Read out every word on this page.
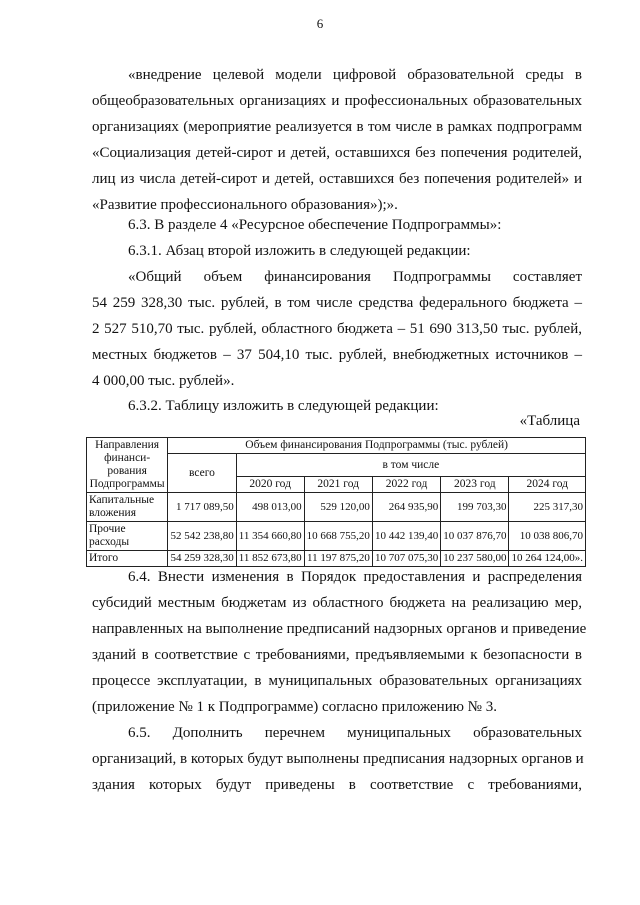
6
«внедрение целевой модели цифровой образовательной среды в
общеобразовательных организациях и профессиональных образовательных
организациях (мероприятие реализуется в том числе в рамках подпрограмм
«Социализация детей-сирот и детей, оставшихся без попечения родителей,
лиц из числа детей-сирот и детей, оставшихся без попечения родителей» и
«Развитие профессионального образования»);».
6.3. В разделе 4 «Ресурсное обеспечение Подпрограммы»:
6.3.1. Абзац второй изложить в следующей редакции:
«Общий объем финансирования Подпрограммы составляет
54 259 328,30 тыс. рублей, в том числе средства федерального бюджета –
2 527 510,70 тыс. рублей, областного бюджета – 51 690 313,50 тыс. рублей,
местных бюджетов – 37 504,10 тыс. рублей, внебюджетных источников –
4 000,00 тыс. рублей».
6.3.2. Таблицу изложить в следующей редакции:
«Таблица
Направления финанси-рования Подпрограммы	Объем финансирования Подпрограммы (тыс. рублей)					
	всего	в том числе				
		2020 год	2021 год	2022 год	2023 год	2024 год
Капитальные вложения	1 717 089,50	498 013,00	529 120,00	264 935,90	199 703,30	225 317,30
Прочие расходы	52 542 238,80	11 354 660,80	10 668 755,20	10 442 139,40	10 037 876,70	10 038 806,70
Итого	54 259 328,30	11 852 673,80	11 197 875,20	10 707 075,30	10 237 580,00	10 264 124,00».
6.4. Внести изменения в Порядок предоставления и распределения
субсидий местным бюджетам из областного бюджета на реализацию мер,
направленных на выполнение предписаний надзорных органов и приведение
зданий в соответствие с требованиями, предъявляемыми к безопасности в
процессе эксплуатации, в муниципальных образовательных организациях
(приложение № 1 к Подпрограмме) согласно приложению № 3.
6.5. Дополнить перечнем муниципальных образовательных
организаций, в которых будут выполнены предписания надзорных органов и
здания которых будут приведены в соответствие с требованиями,
